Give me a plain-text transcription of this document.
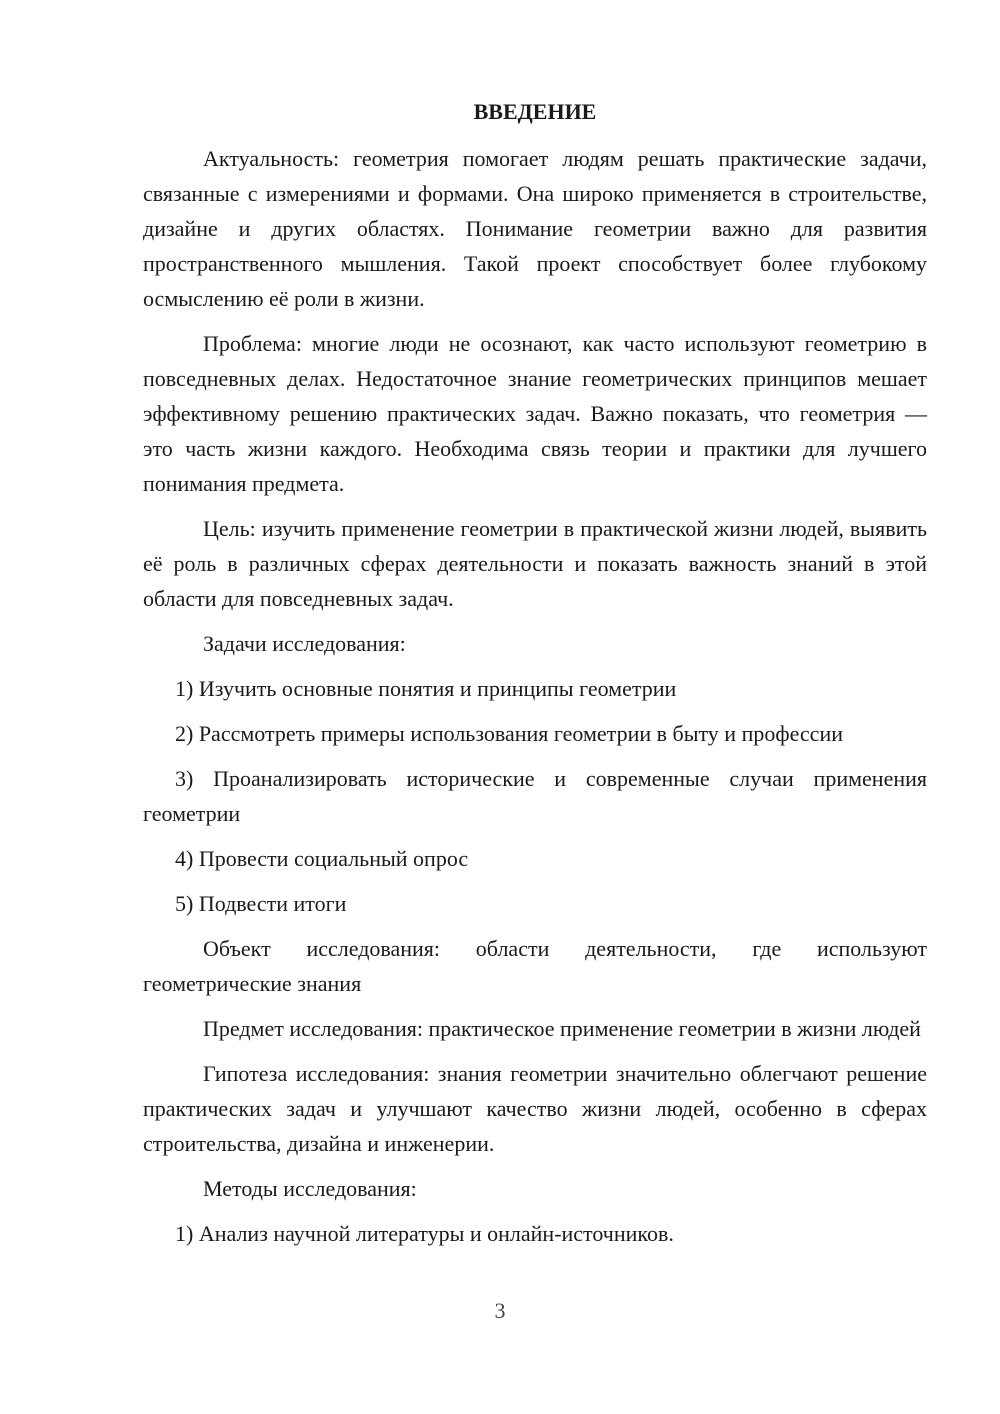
ВВЕДЕНИЕ

Актуальность: геометрия помогает людям решать практические задачи, связанные с измерениями и формами. Она широко применяется в строительстве, дизайне и других областях. Понимание геометрии важно для развития пространственного мышления. Такой проект способствует более глубокому осмыслению её роли в жизни.

Проблема: многие люди не осознают, как часто используют геометрию в повседневных делах. Недостаточное знание геометрических принципов мешает эффективному решению практических задач. Важно показать, что геометрия — это часть жизни каждого. Необходима связь теории и практики для лучшего понимания предмета.

Цель: изучить применение геометрии в практической жизни людей, выявить её роль в различных сферах деятельности и показать важность знаний в этой области для повседневных задач.

Задачи исследования:

1) Изучить основные понятия и принципы геометрии

2) Рассмотреть примеры использования геометрии в быту и профессии

3) Проанализировать исторические и современные случаи применения геометрии

4) Провести социальный опрос

5) Подвести итоги

Объект исследования: области деятельности, где используют геометрические знания

Предмет исследования: практическое применение геометрии в жизни людей

Гипотеза исследования: знания геометрии значительно облегчают решение практических задач и улучшают качество жизни людей, особенно в сферах строительства, дизайна и инженерии.

Методы исследования:

1) Анализ научной литературы и онлайн-источников.

3
